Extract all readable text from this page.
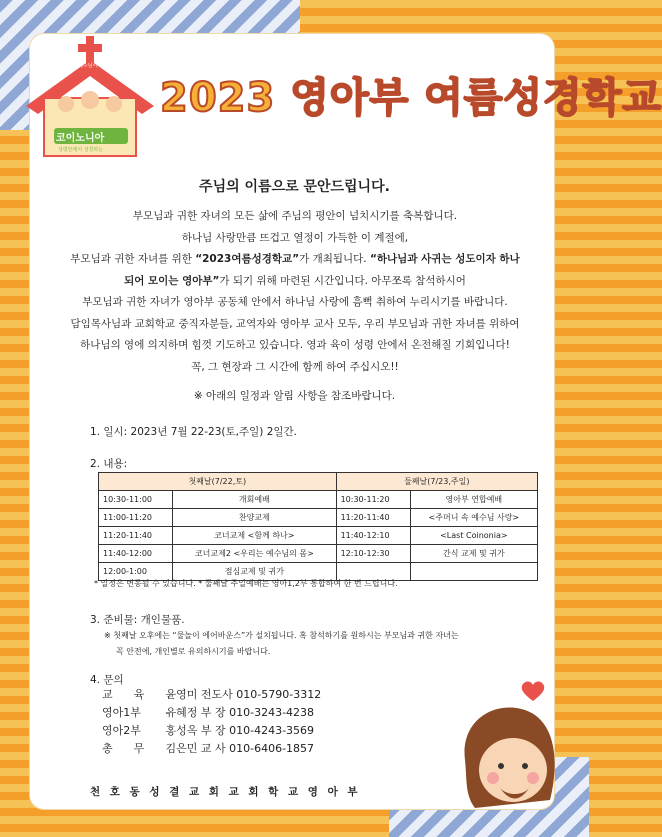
예수님이 주인되시는
코이노니아
성령안에서 성장하는
2023 영아부 여름성경학교
주님의 이름으로 문안드립니다.
부모님과 귀한 자녀의 모든 삶에 주님의 평안이 넘치시기를 축복합니다.
하나님 사랑만큼 뜨겁고 열정이 가득한 이 계절에,
부모님과 귀한 자녀를 위한 “2023여름성경학교”가 개최됩니다. “하나님과 사귀는 성도이자 하나
되어 모이는 영아부”가 되기 위해 마련된 시간입니다. 아무쪼록 참석하시어
부모님과 귀한 자녀가 영아부 공동체 안에서 하나님 사랑에 흠뻑 취하여 누리시기를 바랍니다.
담임목사님과 교회학교 중직자분들, 교역자와 영아부 교사 모두, 우리 부모님과 귀한 자녀를 위하여
하나님의 영에 의지하며 힘껏 기도하고 있습니다. 영과 육이 성령 안에서 온전해질 기회입니다!
꼭, 그 현장과 그 시간에 함께 하여 주십시오!!
※ 아래의 일정과 알림 사항을 참조바랍니다.
1. 일시: 2023년 7월 22-23(토,주일) 2일간.
2. 내용:
첫째날(7/22,토)		둘째날(7/23,주일)	
10:30-11:00	개회예배	10:30-11:20	영아부 연합예배
11:00-11:20	찬양교제	11:20-11:40	<주머니 속 예수님 사랑>
11:20-11:40	코너교제 <함께 하나>	11:40-12:10	<Last Coinonia>
11:40-12:00	코너교제2 <우리는 예수님의 몸>	12:10-12:30	간식 교제 및 귀가
12:00-1:00	점심교제 및 귀가		
* 일정은 변동될 수 있습니다. * 둘째날 주일예배는 영아1,2부 통합하여 한 번 드립니다.
3. 준비물: 개인물품.
※ 첫째날 오후에는 “물놀이 에어바운스”가 설치됩니다. 혹 참석하기를 원하시는 부모님과 귀한 자녀는
꼭 안전에, 개인별로 유의하시기를 바랍니다.
4. 문의
교      육 윤영미 전도사 010-5790-3312
영아1부 유혜정 부 장 010-3243-4238
영아2부 홍성옥 부 장 010-4243-3569
총      무 김은민 교 사 010-6406-1857
천 호 동 성 결 교 회 교 회 학 교 영 아 부
